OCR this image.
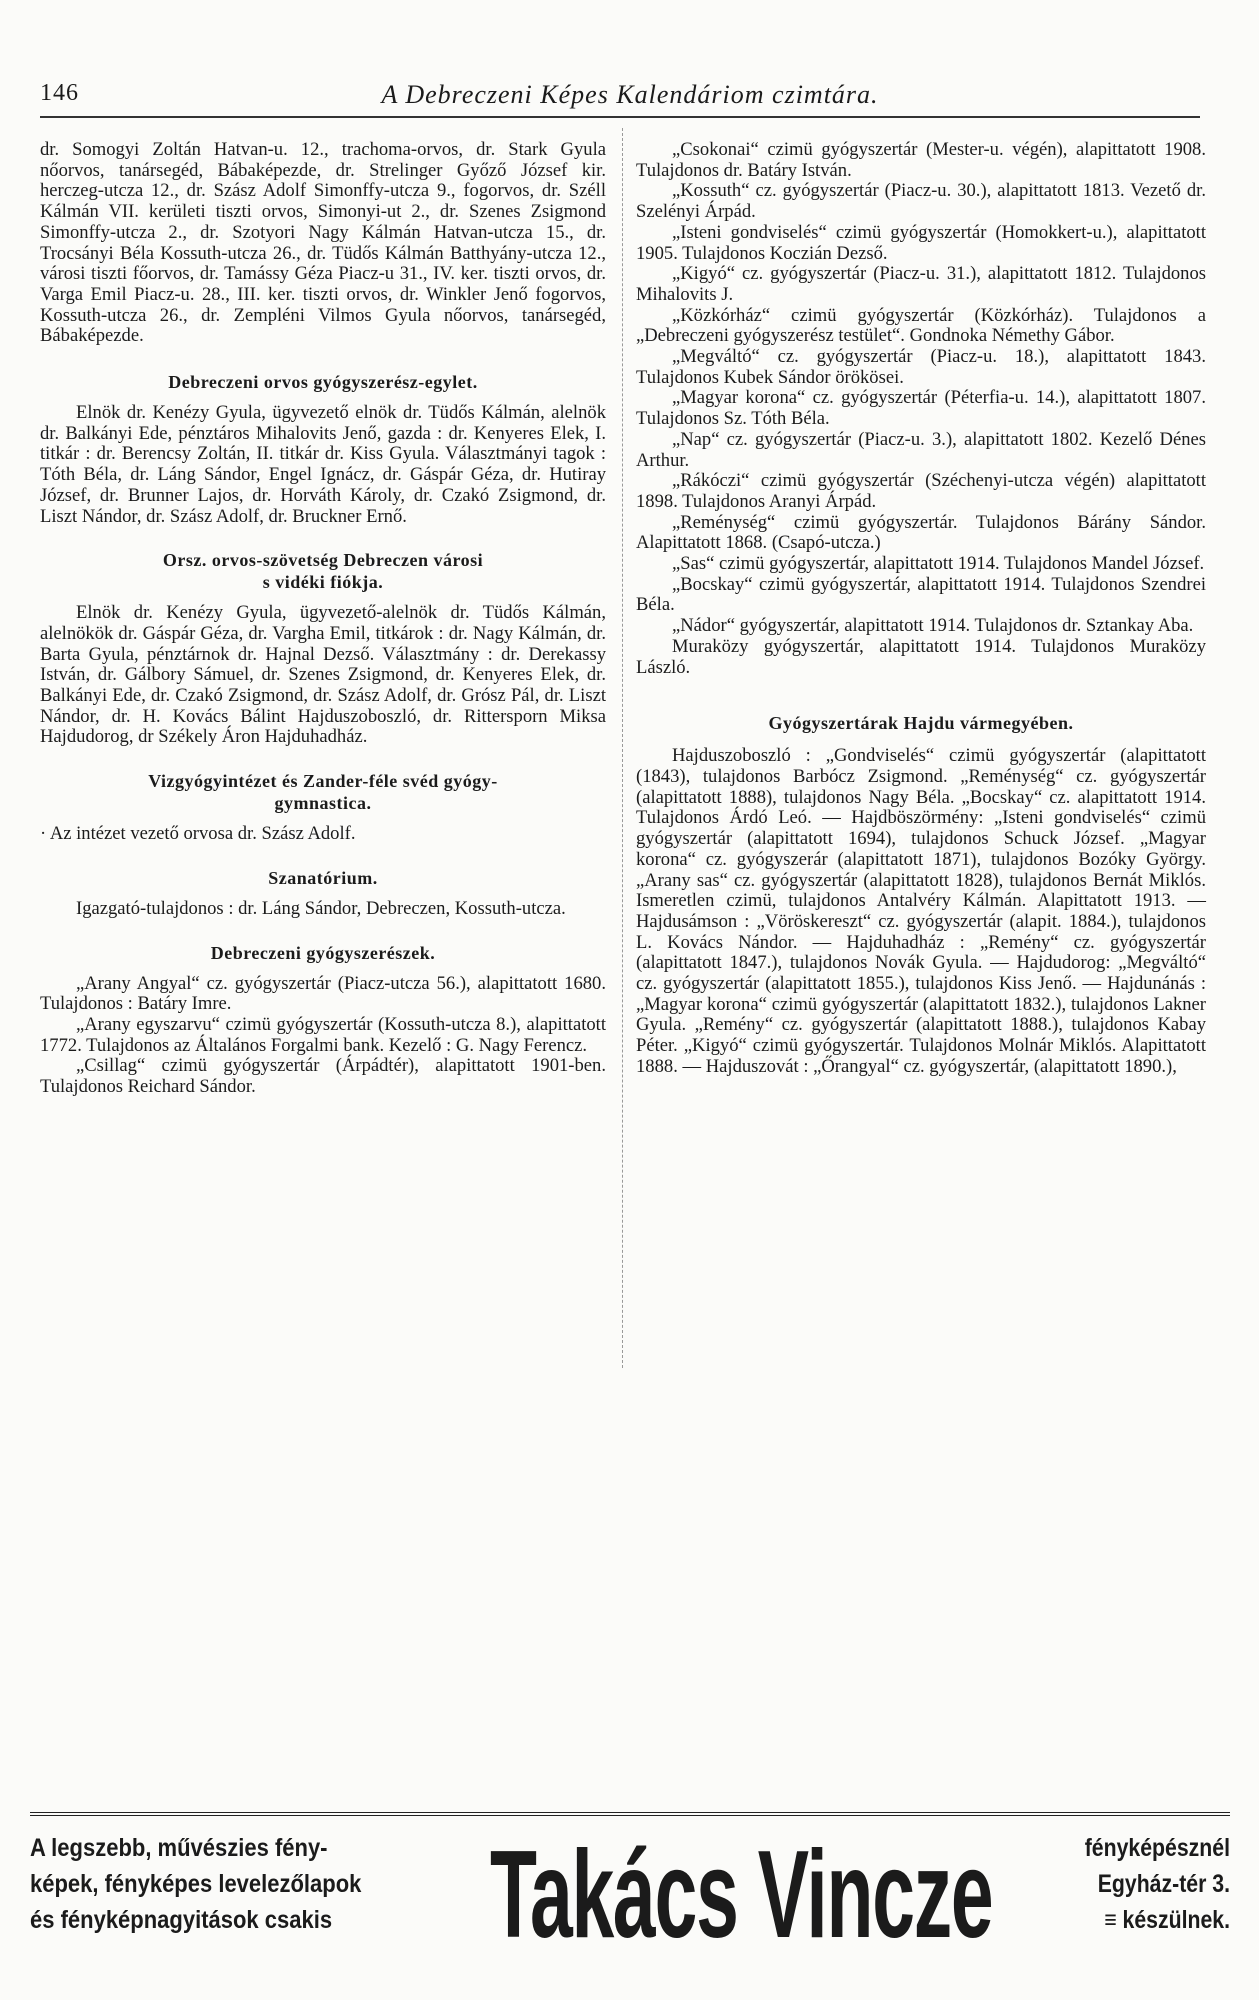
146	A Debreczeni Képes Kalendáriom czimtára.

dr. Somogyi Zoltán Hatvan-u. 12., trachoma-orvos, dr. Stark Gyula nőorvos, tanársegéd, Bábaképezde, dr. Strelinger Győző József kir. herczeg-utcza 12., dr. Szász Adolf Simonffy-utcza 9., fogorvos, dr. Széll Kálmán VII. kerületi tiszti orvos, Simonyi-ut 2., dr. Szenes Zsigmond Simonffy-utcza 2., dr. Szotyori Nagy Kálmán Hatvan-utcza 15., dr. Trocsányi Béla Kossuth-utcza 26., dr. Tüdős Kálmán Batthyány-utcza 12., városi tiszti főorvos, dr. Tamássy Géza Piacz-u 31., IV. ker. tiszti orvos, dr. Varga Emil Piacz-u. 28., III. ker. tiszti orvos, dr. Winkler Jenő fogorvos, Kossuth-utcza 26., dr. Zempléni Vilmos Gyula nőorvos, tanársegéd, Bábaképezde.

Debreczeni orvos gyógyszerész-egylet.

Elnök dr. Kenézy Gyula, ügyvezető elnök dr. Tüdős Kálmán, alelnök dr. Balkányi Ede, pénztáros Mihalovits Jenő, gazda : dr. Kenyeres Elek, I. titkár : dr. Berencsy Zoltán, II. titkár dr. Kiss Gyula. Választmányi tagok : Tóth Béla, dr. Láng Sándor, Engel Ignácz, dr. Gáspár Géza, dr. Hutiray József, dr. Brunner Lajos, dr. Horváth Károly, dr. Czakó Zsigmond, dr. Liszt Nándor, dr. Szász Adolf, dr. Bruckner Ernő.

Orsz. orvos-szövetség Debreczen városi
s vidéki fiókja.

Elnök dr. Kenézy Gyula, ügyvezető-alelnök dr. Tüdős Kálmán, alelnökök dr. Gáspár Géza, dr. Vargha Emil, titkárok : dr. Nagy Kálmán, dr. Barta Gyula, pénztárnok dr. Hajnal Dezső. Választmány : dr. Derekassy István, dr. Gálbory Sámuel, dr. Szenes Zsigmond, dr. Kenyeres Elek, dr. Balkányi Ede, dr. Czakó Zsigmond, dr. Szász Adolf, dr. Grósz Pál, dr. Liszt Nándor, dr. H. Kovács Bálint Hajduszoboszló, dr. Rittersporn Miksa Hajdudorog, dr Székely Áron Hajduhadház.

Vizgyógyintézet és Zander-féle svéd gyógy-
gymnastica.

· Az intézet vezető orvosa dr. Szász Adolf.

Szanatórium.

Igazgató-tulajdonos : dr. Láng Sándor, Debreczen, Kossuth-utcza.

Debreczeni gyógyszerészek.

„Arany Angyal“ cz. gyógyszertár (Piacz-utcza 56.), alapittatott 1680. Tulajdonos : Batáry Imre.

„Arany egyszarvu“ czimü gyógyszertár (Kossuth-utcza 8.), alapittatott 1772. Tulajdonos az Általános Forgalmi bank. Kezelő : G. Nagy Ferencz.

„Csillag“ czimü gyógyszertár (Árpádtér), alapittatott 1901-ben. Tulajdonos Reichard Sándor.

„Csokonai“ czimü gyógyszertár (Mester-u. végén), alapittatott 1908. Tulajdonos dr. Batáry István.

„Kossuth“ cz. gyógyszertár (Piacz-u. 30.), alapittatott 1813. Vezető dr. Szelényi Árpád.

„Isteni gondviselés“ czimü gyógyszertár (Homokkert-u.), alapittatott 1905. Tulajdonos Koczián Dezső.

„Kigyó“ cz. gyógyszertár (Piacz-u. 31.), alapittatott 1812. Tulajdonos Mihalovits J.

„Közkórház“ czimü gyógyszertár (Közkórház). Tulajdonos a „Debreczeni gyógyszerész testület“. Gondnoka Némethy Gábor.

„Megváltó“ cz. gyógyszertár (Piacz-u. 18.), alapittatott 1843. Tulajdonos Kubek Sándor örökösei.

„Magyar korona“ cz. gyógyszertár (Péterfia-u. 14.), alapittatott 1807. Tulajdonos Sz. Tóth Béla.

„Nap“ cz. gyógyszertár (Piacz-u. 3.), alapittatott 1802. Kezelő Dénes Arthur.

„Rákóczi“ czimü gyógyszertár (Széchenyi-utcza végén) alapittatott 1898. Tulajdonos Aranyi Árpád.

„Reménység“ czimü gyógyszertár. Tulajdonos Bárány Sándor. Alapittatott 1868. (Csapó-utcza.)

„Sas“ czimü gyógyszertár, alapittatott 1914. Tulajdonos Mandel József.

„Bocskay“ czimü gyógyszertár, alapittatott 1914. Tulajdonos Szendrei Béla.

„Nádor“ gyógyszertár, alapittatott 1914. Tulajdonos dr. Sztankay Aba.

Muraközy gyógyszertár, alapittatott 1914. Tulajdonos Muraközy László.

Gyógyszertárak Hajdu vármegyében.

Hajduszoboszló : „Gondviselés“ czimü gyógyszertár (alapittatott (1843), tulajdonos Barbócz Zsigmond. „Reménység“ cz. gyógyszertár (alapittatott 1888), tulajdonos Nagy Béla. „Bocskay“ cz. alapittatott 1914. Tulajdonos Árdó Leó. — Hajdböszörmény: „Isteni gondviselés“ czimü gyógyszertár (alapittatott 1694), tulajdonos Schuck József. „Magyar korona“ cz. gyógyszerár (alapittatott 1871), tulajdonos Bozóky György. „Arany sas“ cz. gyógyszertár (alapittatott 1828), tulajdonos Bernát Miklós. Ismeretlen czimü, tulajdonos Antalvéry Kálmán. Alapittatott 1913. — Hajdusámson : „Vöröskereszt“ cz. gyógyszertár (alapit. 1884.), tulajdonos L. Kovács Nándor. — Hajduhadház : „Remény“ cz. gyógyszertár (alapittatott 1847.), tulajdonos Novák Gyula. — Hajdudorog: „Megváltó“ cz. gyógyszertár (alapittatott 1855.), tulajdonos Kiss Jenő. — Hajdunánás : „Magyar korona“ czimü gyógyszertár (alapittatott 1832.), tulajdonos Lakner Gyula. „Remény“ cz. gyógyszertár (alapittatott 1888.), tulajdonos Kabay Péter. „Kigyó“ czimü gyógyszertár. Tulajdonos Molnár Miklós. Alapittatott 1888. — Hajduszovát : „Őrangyal“ cz. gyógyszertár, (alapittatott 1890.),

A legszebb, művészies fény-
képek, fényképes levelezőlapok
és fényképnagyitások csakis	Takács Vincze	fényképésznél
Egyház-tér 3.
≡ készülnek.
